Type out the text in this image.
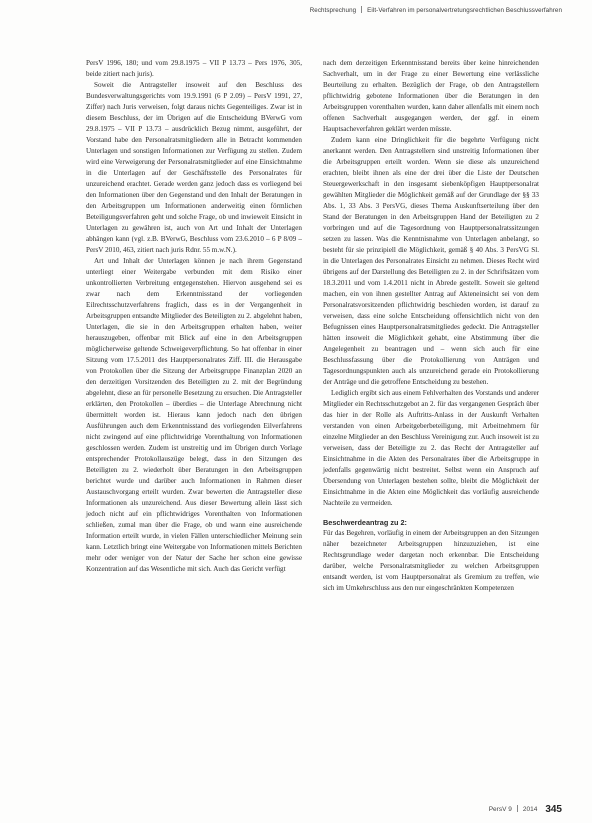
Rechtsprechung Eilt-Verfahren im personalvertretungsrechtlichen Beschlussverfahren

PersV 1996, 180; und vom 29.8.1975 – VII P 13.73 – Pers 1976, 305, beide zitiert nach juris).

Soweit die Antragsteller insoweit auf den Beschluss des Bundesverwaltungsgerichts vom 19.9.1991 (6 P 2.09) – PersV 1991, 27, Ziffer) nach Juris verweisen, folgt daraus nichts Gegenteiliges. Zwar ist in diesem Beschluss, der im Übrigen auf die Entscheidung BVerwG vom 29.8.1975 – VII P 13.73 – ausdrücklich Bezug nimmt, ausgeführt, der Vorstand habe den Personalratsmitgliedern alle in Betracht kommenden Unterlagen und sonstigen Informationen zur Verfügung zu stellen. Zudem wird eine Verweigerung der Personalratsmitglieder auf eine Einsichtnahme in die Unterlagen auf der Geschäftsstelle des Personalrates für unzureichend erachtet. Gerade werden ganz jedoch dass es vorliegend bei den Informationen über den Gegenstand und den Inhalt der Beratungen in den Arbeitsgruppen um Informationen anderweitig einen förmlichen Beteiligungsverfahren geht und solche Frage, ob und inwieweit Einsicht in Unterlagen zu gewähren ist, auch von Art und Inhalt der Unterlagen abhängen kann (vgl. z.B. BVerwG, Beschluss vom 23.6.2010 – 6 P 8/09 – PersV 2010, 463, zitiert nach juris Rdnr. 55 m.w.N.).

Art und Inhalt der Unterlagen können je nach ihrem Gegenstand unterliegt einer Weitergabe verbunden mit dem Risiko einer unkontrollierten Verbreitung entgegenstehen. Hiervon ausgehend sei es zwar nach dem Erkenntnisstand der vorliegenden Eilrechtsschutzverfahrens fraglich, dass es in der Vergangenheit in Arbeitsgruppen entsandte Mitglieder des Beteiligten zu 2. abgelehnt haben, Unterlagen, die sie in den Arbeitsgruppen erhalten haben, weiter herauszugeben, offenbar mit Blick auf eine in den Arbeitsgruppen möglicherweise geltende Schweigeverpflichtung. So hat offenbar in einer Sitzung vom 17.5.2011 des Hauptpersonalrates Ziff. III. die Herausgabe von Protokollen über die Sitzung der Arbeitsgruppe Finanzplan 2020 an den derzeitigen Vorsitzenden des Beteiligten zu 2. mit der Begründung abgelehnt, diese an für personelle Besetzung zu ersuchen. Die Antragsteller erklärten, den Protokollen – überdies – die Unterlage Abrechnung nicht übermittelt worden ist. Hieraus kann jedoch nach den übrigen Ausführungen auch dem Erkenntnisstand des vorliegenden Eilverfahrens nicht zwingend auf eine pflichtwidrige Vorenthaltung von Informationen geschlossen werden. Zudem ist unstreitig und im Übrigen durch Vorlage entsprechender Protokollauszüge belegt, dass in den Sitzungen des Beteiligten zu 2. wiederholt über Beratungen in den Arbeitsgruppen berichtet wurde und darüber auch Informationen in Rahmen dieser Austauschvorgang erteilt wurden. Zwar bewerten die Antragsteller diese Informationen als unzureichend. Aus dieser Bewertung allein lässt sich jedoch nicht auf ein pflichtwidriges Vorenthalten von Informationen schließen, zumal man über die Frage, ob und wann eine ausreichende Information erteilt wurde, in vielen Fällen unterschiedlicher Meinung sein kann. Letztlich bringt eine Weitergabe von Informationen mittels Berichten mehr oder weniger von der Natur der Sache her schon eine gewisse Konzentration auf das Wesentliche mit sich. Auch das Gericht verfügt

nach dem derzeitigen Erkenntnisstand bereits über keine hinreichenden Sachverhalt, um in der Frage zu einer Bewertung eine verlässliche Beurteilung zu erhalten. Bezüglich der Frage, ob den Antragstellern pflichtwidrig gebotene Informationen über die Beratungen in den Arbeitsgruppen vorenthalten wurden, kann daher allenfalls mit einem noch offenen Sachverhalt ausgegangen werden, der ggf. in einem Hauptsacheverfahren geklärt werden müsste.

Zudem kann eine Dringlichkeit für die begehrte Verfügung nicht anerkannt werden. Den Antragstellern sind unstreitig Informationen über die Arbeitsgruppen erteilt worden. Wenn sie diese als unzureichend erachten, bleibt ihnen als eine der drei über die Liste der Deutschen Steuergewerkschaft in den insgesamt siebenköpfigen Hauptpersonalrat gewählten Mitglieder die Möglichkeit gemäß auf der Grundlage der §§ 33 Abs. 1, 33 Abs. 3 PersVG, dieses Thema Auskunftserteilung über den Stand der Beratungen in den Arbeitsgruppen Hand der Beteiligten zu 2 vorbringen und auf die Tagesordnung von Hauptpersonalratssitzungen setzen zu lassen. Was die Kenntnisnahme von Unterlagen anbelangt, so besteht für sie prinzipiell die Möglichkeit, gemäß § 40 Abs. 3 PersVG Sl. in die Unterlagen des Personalrates Einsicht zu nehmen. Dieses Recht wird übrigens auf der Darstellung des Beteiligten zu 2. in der Schriftsätzen vom 18.3.2011 und vom 1.4.2011 nicht in Abrede gestellt. Soweit sie geltend machen, ein von ihnen gestellter Antrag auf Akteneinsicht sei von dem Personalratsvorsitzenden pflichtwidrig beschieden worden, ist darauf zu verweisen, dass eine solche Entscheidung offensichtlich nicht von den Befugnissen eines Hauptpersonalratsmitgliedes gedeckt. Die Antragsteller hätten insoweit die Möglichkeit gehabt, eine Abstimmung über die Angelegenheit zu beantragen und – wenn sich auch für eine Beschlussfassung über die Protokollierung von Anträgen und Tagesordnungspunkten auch als unzureichend gerade ein Protokollierung der Anträge und die getroffene Entscheidung zu bestehen.

Lediglich ergibt sich aus einem Fehlverhalten des Vorstands und anderer Mitglieder ein Rechtsschutzgebot an 2. für das vergangenen Gespräch über das hier in der Rolle als Auftritts-Anlass in der Auskunft Verhalten verstanden von einen Arbeitgeberbeteiligung, mit Arbeitnehmern für einzelne Mitglieder an den Beschluss Vereinigung zur. Auch insoweit ist zu verweisen, dass der Beteiligte zu 2. das Recht der Antragsteller auf Einsichtnahme in die Akten des Personalrates über die Arbeitsgruppe in jedenfalls gegenwärtig nicht bestreitet. Selbst wenn ein Anspruch auf Übersendung von Unterlagen bestehen sollte, bleibt die Möglichkeit der Einsichtnahme in die Akten eine Möglichkeit das vorläufig ausreichende Nachteile zu vermeiden.

Beschwerdeantrag zu 2:

Für das Begehren, vorläufig in einem der Arbeitsgruppen an den Sitzungen näher bezeichneter Arbeitsgruppen hinzuzuziehen, ist eine Rechtsgrundlage weder dargetan noch erkennbar. Die Entscheidung darüber, welche Personalratsmitglieder zu welchen Arbeitsgruppen entsandt werden, ist vom Hauptpersonalrat als Gremium zu treffen, wie sich im Umkehrschluss aus den nur eingeschränkten Kompetenzen

PersV 9 2014 345
